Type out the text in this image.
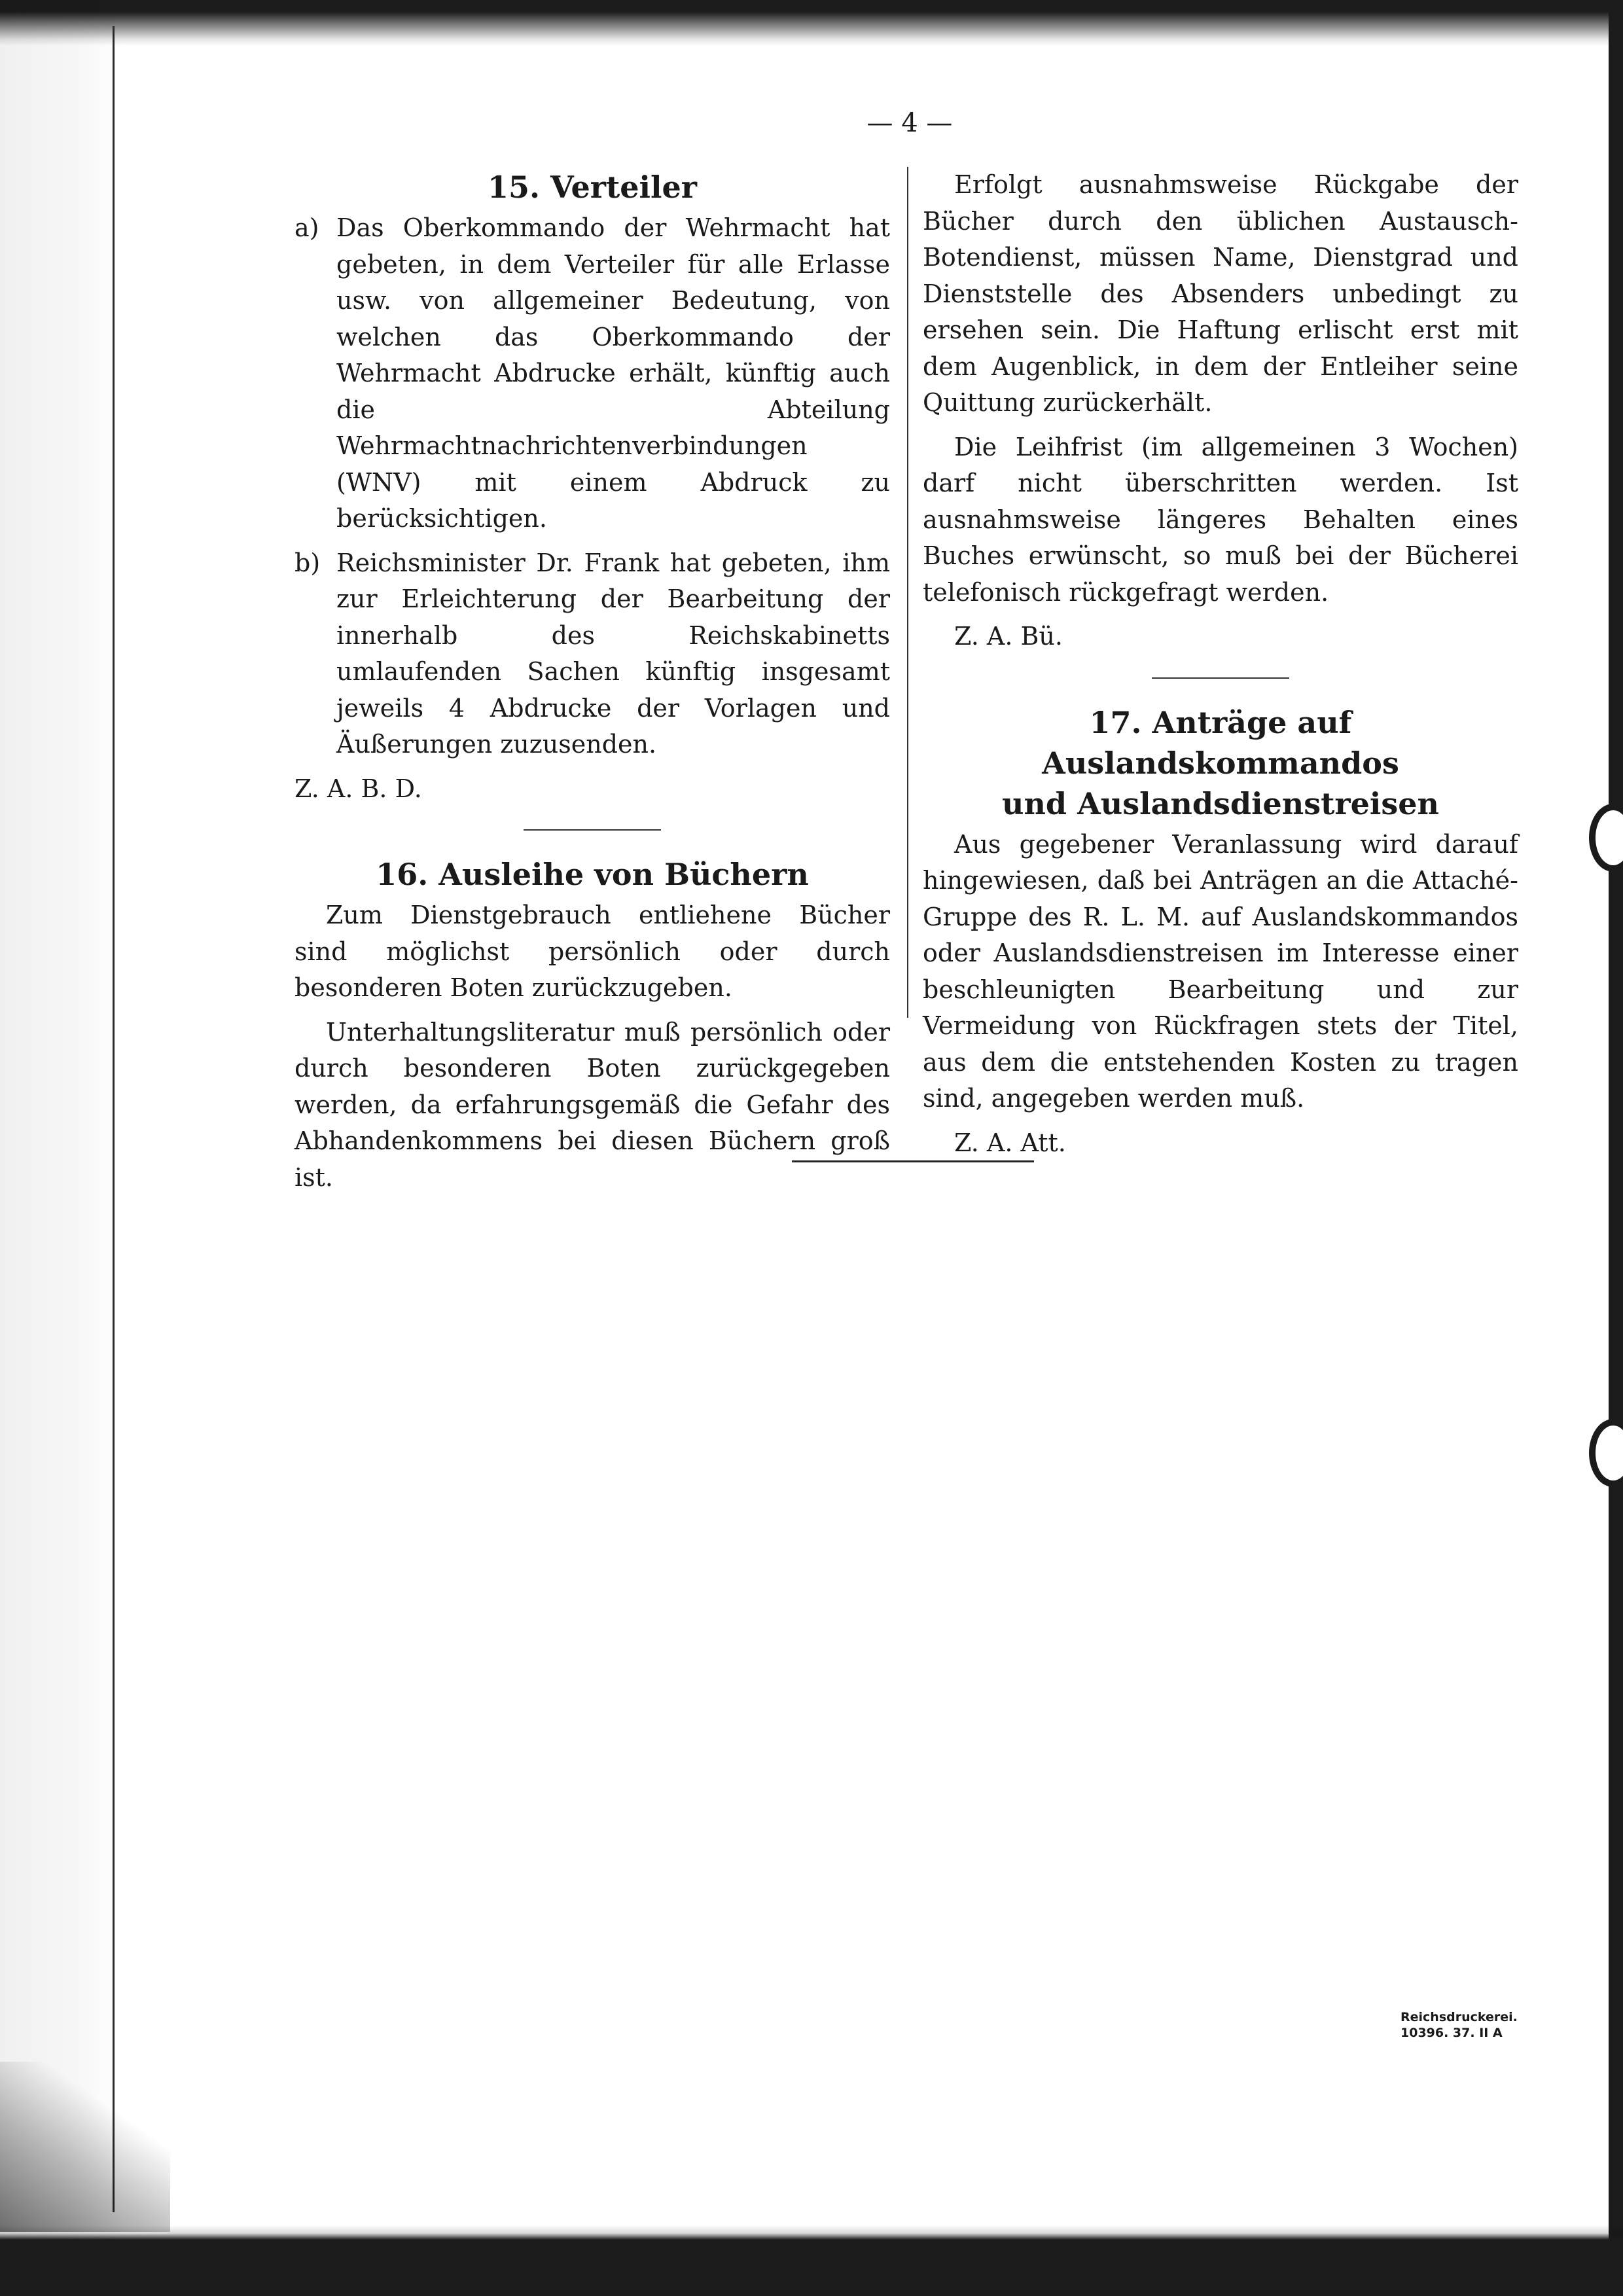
— 4 —
15. Verteiler
a) Das Oberkommando der Wehrmacht hat gebeten, in dem Verteiler für alle Erlasse usw. von allgemeiner Bedeutung, von welchen das Oberkommando der Wehrmacht Abdrucke erhält, künftig auch die Abteilung Wehrmachtnachrichtenverbindungen (WNV) mit einem Abdruck zu berücksichtigen.

b) Reichsminister Dr. Frank hat gebeten, ihm zur Erleichterung der Bearbeitung der innerhalb des Reichskabinetts umlaufenden Sachen künftig insgesamt jeweils 4 Abdrucke der Vorlagen und Äußerungen zuzusenden.

Z. A. B. D.

16. Ausleihe von Büchern

Zum Dienstgebrauch entliehene Bücher sind möglichst persönlich oder durch besonderen Boten zurückzugeben.

Unterhaltungsliteratur muß persönlich oder durch besonderen Boten zurückgegeben werden, da erfahrungsgemäß die Gefahr des Abhandenkommens bei diesen Büchern groß ist.

Erfolgt ausnahmsweise Rückgabe der Bücher durch den üblichen Austausch-Botendienst, müssen Name, Dienstgrad und Dienststelle des Absenders unbedingt zu ersehen sein. Die Haftung erlischt erst mit dem Augenblick, in dem der Entleiher seine Quittung zurückerhält.

Die Leihfrist (im allgemeinen 3 Wochen) darf nicht überschritten werden. Ist ausnahmsweise längeres Behalten eines Buches erwünscht, so muß bei der Bücherei telefonisch rückgefragt werden.

Z. A. Bü.

17. Anträge auf Auslandskommandos
und Auslandsdienstreisen

Aus gegebener Veranlassung wird darauf hingewiesen, daß bei Anträgen an die Attaché-Gruppe des R. L. M. auf Auslandskommandos oder Auslandsdienstreisen im Interesse einer beschleunigten Bearbeitung und zur Vermeidung von Rückfragen stets der Titel, aus dem die entstehenden Kosten zu tragen sind, angegeben werden muß.

Z. A. Att.

Reichsdruckerei.
10396. 37. II A
